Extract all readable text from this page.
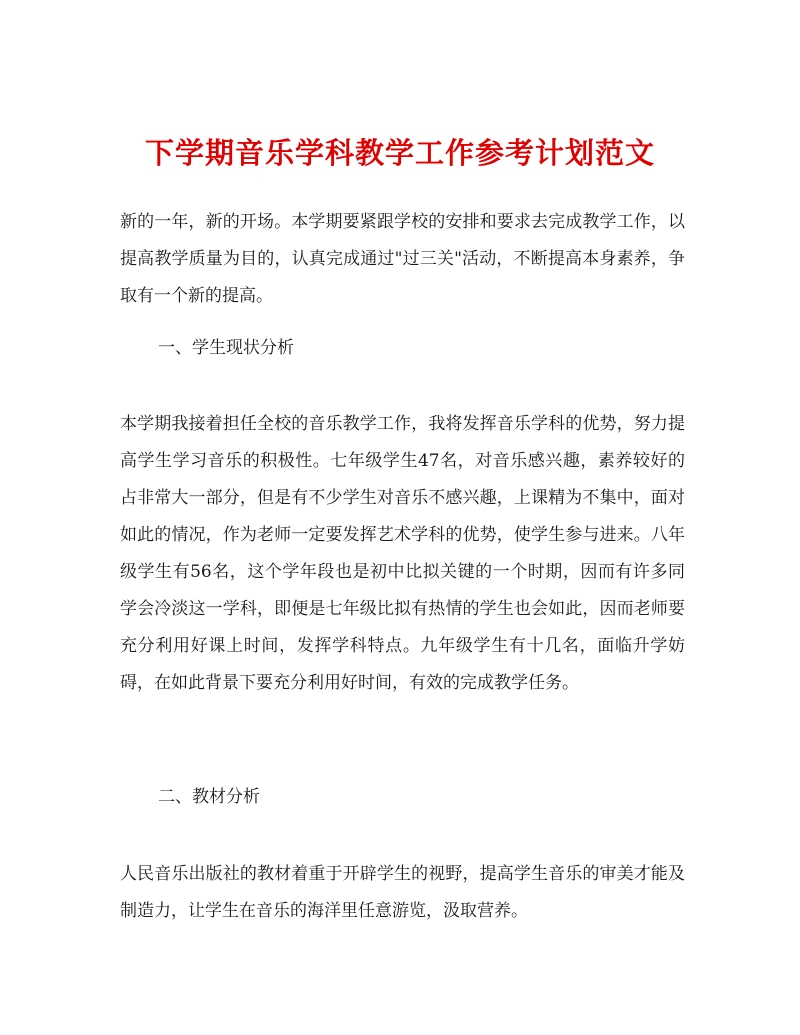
下学期音乐学科教学工作参考计划范文

新的一年，新的开场。本学期要紧跟学校的安排和要求去完成教学工作，以提高教学质量为目的，认真完成通过"过三关"活动，不断提高本身素养，争取有一个新的提高。

一、学生现状分析

本学期我接着担任全校的音乐教学工作，我将发挥音乐学科的优势，努力提高学生学习音乐的积极性。七年级学生47名，对音乐感兴趣，素养较好的占非常大一部分，但是有不少学生对音乐不感兴趣，上课精为不集中，面对如此的情况，作为老师一定要发挥艺术学科的优势，使学生参与进来。八年级学生有56名，这个学年段也是初中比拟关键的一个时期，因而有许多同学会冷淡这一学科，即便是七年级比拟有热情的学生也会如此，因而老师要充分利用好课上时间，发挥学科特点。九年级学生有十几名，面临升学妨碍，在如此背景下要充分利用好时间，有效的完成教学任务。

二、教材分析

人民音乐出版社的教材着重于开辟学生的视野，提高学生音乐的审美才能及制造力，让学生在音乐的海洋里任意游览，汲取营养。
